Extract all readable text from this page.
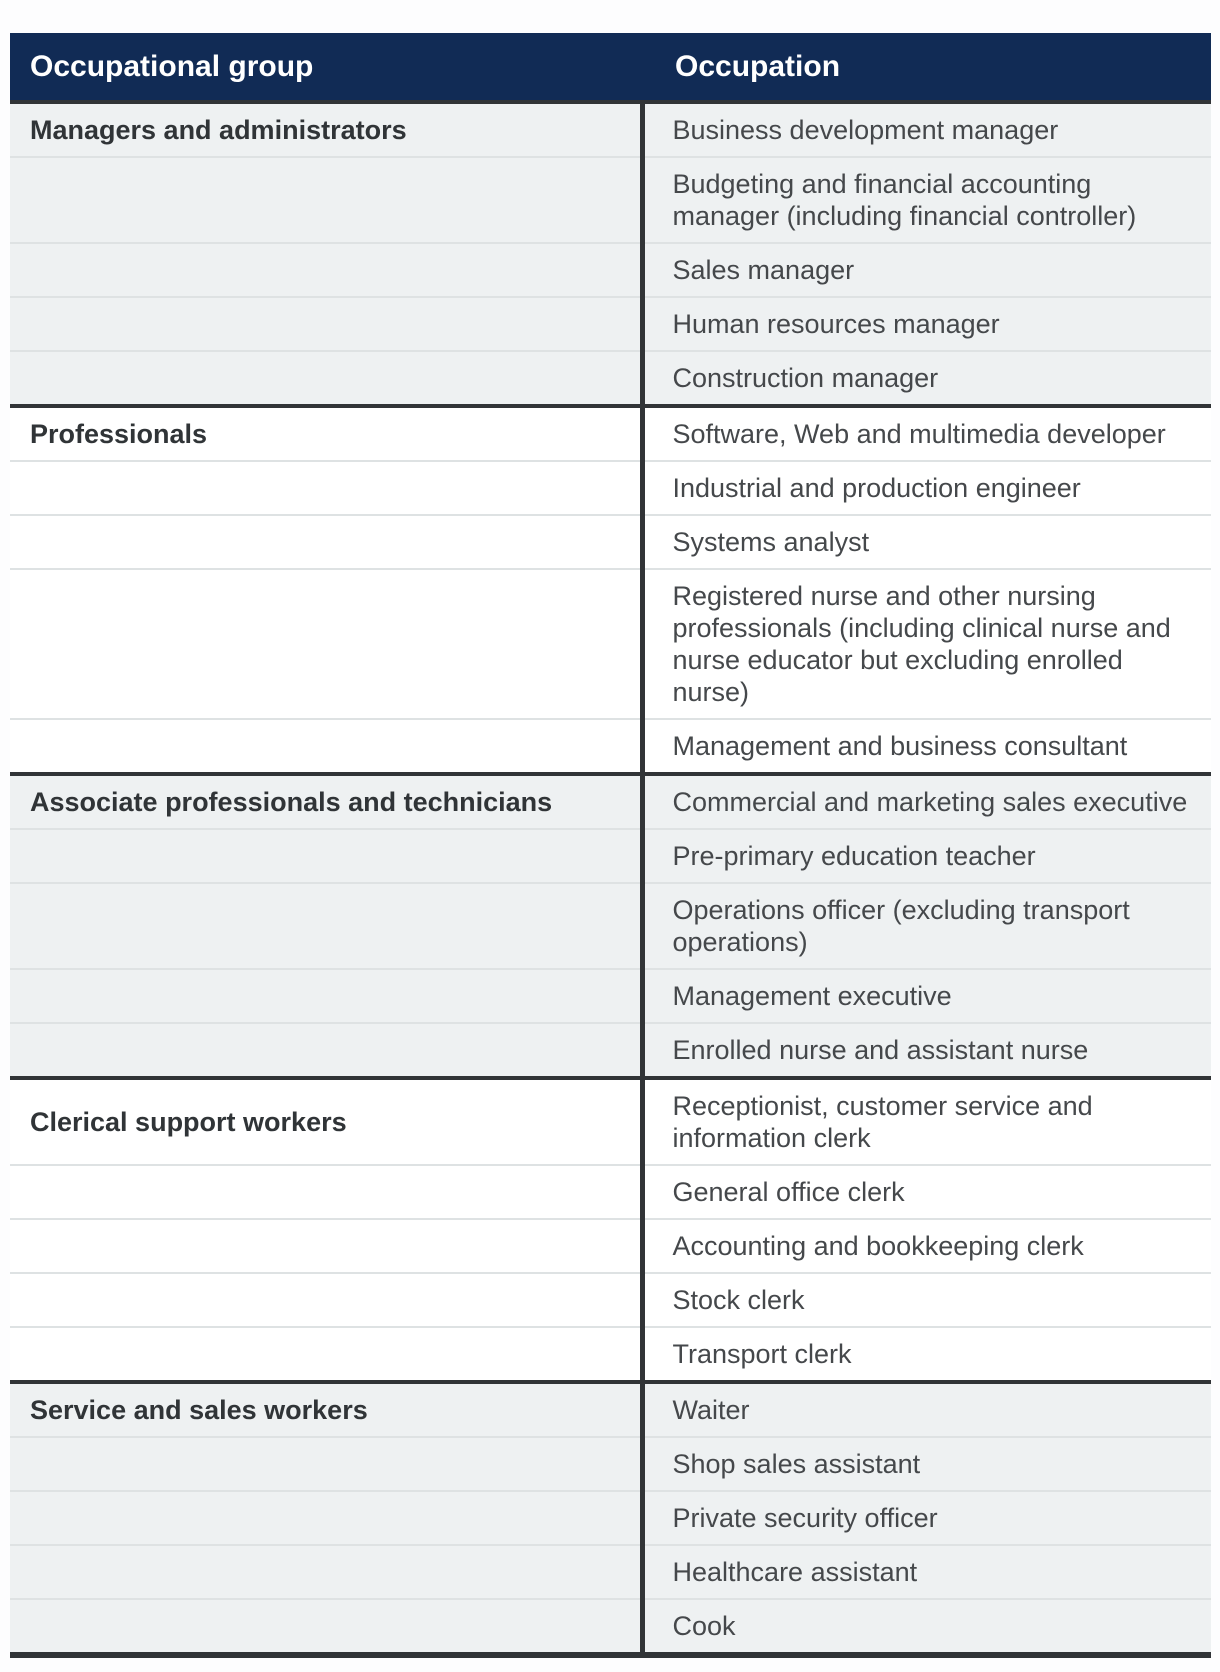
Occupational group	Occupation
Managers and administrators	Business development manager
	Budgeting and financial accounting manager (including financial controller)
	Sales manager
	Human resources manager
	Construction manager
Professionals	Software, Web and multimedia developer
	Industrial and production engineer
	Systems analyst
	Registered nurse and other nursing professionals (including clinical nurse and nurse educator but excluding enrolled nurse)
	Management and business consultant
Associate professionals and technicians	Commercial and marketing sales executive
	Pre-primary education teacher
	Operations officer (excluding transport operations)
	Management executive
	Enrolled nurse and assistant nurse
Clerical support workers	Receptionist, customer service and information clerk
	General office clerk
	Accounting and bookkeeping clerk
	Stock clerk
	Transport clerk
Service and sales workers	Waiter
	Shop sales assistant
	Private security officer
	Healthcare assistant
	Cook
